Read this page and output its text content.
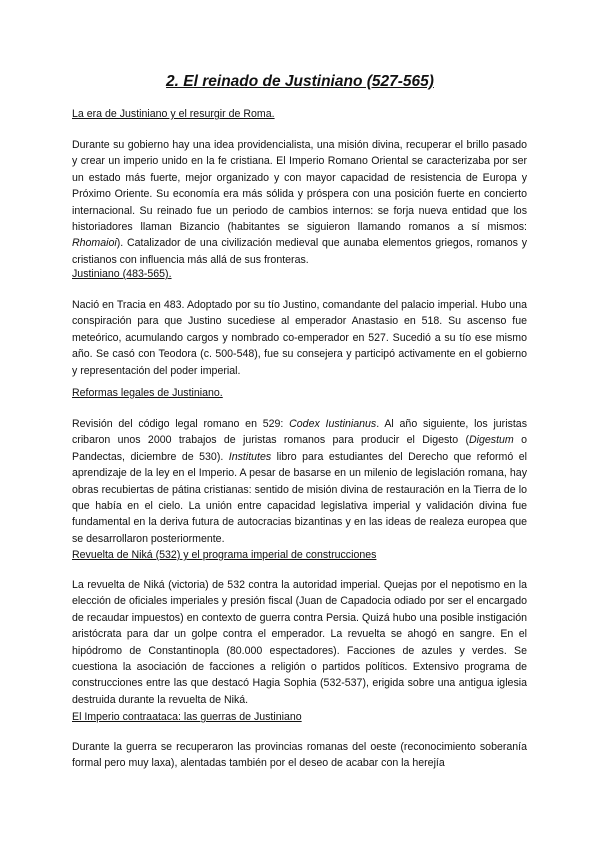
2. El reinado de Justiniano (527-565)
La era de Justiniano y el resurgir de Roma.
Durante su gobierno hay una idea providencialista, una misión divina, recuperar el brillo pasado y crear un imperio unido en la fe cristiana. El Imperio Romano Oriental se caracterizaba por ser un estado más fuerte, mejor organizado y con mayor capacidad de resistencia de Europa y Próximo Oriente. Su economía era más sólida y próspera con una posición fuerte en concierto internacional. Su reinado fue un periodo de cambios internos: se forja nueva entidad que los historiadores llaman Bizancio (habitantes se siguieron llamando romanos a sí mismos: Rhomaioi). Catalizador de una civilización medieval que aunaba elementos griegos, romanos y cristianos con influencia más allá de sus fronteras.
Justiniano (483-565).
Nació en Tracia en 483. Adoptado por su tío Justino, comandante del palacio imperial. Hubo una conspiración para que Justino sucediese al emperador Anastasio en 518. Su ascenso fue meteórico, acumulando cargos y nombrado co-emperador en 527. Sucedió a su tío ese mismo año. Se casó con Teodora (c. 500-548), fue su consejera y participó activamente en el gobierno y representación del poder imperial.
Reformas legales de Justiniano.
Revisión del código legal romano en 529: Codex Iustinianus. Al año siguiente, los juristas cribaron unos 2000 trabajos de juristas romanos para producir el Digesto (Digestum o Pandectas, diciembre de 530). Institutes libro para estudiantes del Derecho que reformó el aprendizaje de la ley en el Imperio. A pesar de basarse en un milenio de legislación romana, hay obras recubiertas de pátina cristianas: sentido de misión divina de restauración en la Tierra de lo que había en el cielo. La unión entre capacidad legislativa imperial y validación divina fue fundamental en la deriva futura de autocracias bizantinas y en las ideas de realeza europea que se desarrollaron posteriormente.
Revuelta de Niká (532) y el programa imperial de construcciones
La revuelta de Niká (victoria) de 532 contra la autoridad imperial. Quejas por el nepotismo en la elección de oficiales imperiales y presión fiscal (Juan de Capadocia odiado por ser el encargado de recaudar impuestos) en contexto de guerra contra Persia. Quizá hubo una posible instigación aristócrata para dar un golpe contra el emperador. La revuelta se ahogó en sangre. En el hipódromo de Constantinopla (80.000 espectadores). Facciones de azules y verdes. Se cuestiona la asociación de facciones a religión o partidos políticos. Extensivo programa de construcciones entre las que destacó Hagia Sophia (532-537), erigida sobre una antigua iglesia destruida durante la revuelta de Niká.
El Imperio contraataca: las guerras de Justiniano
Durante la guerra se recuperaron las provincias romanas del oeste (reconocimiento soberanía formal pero muy laxa), alentadas también por el deseo de acabar con la herejía
